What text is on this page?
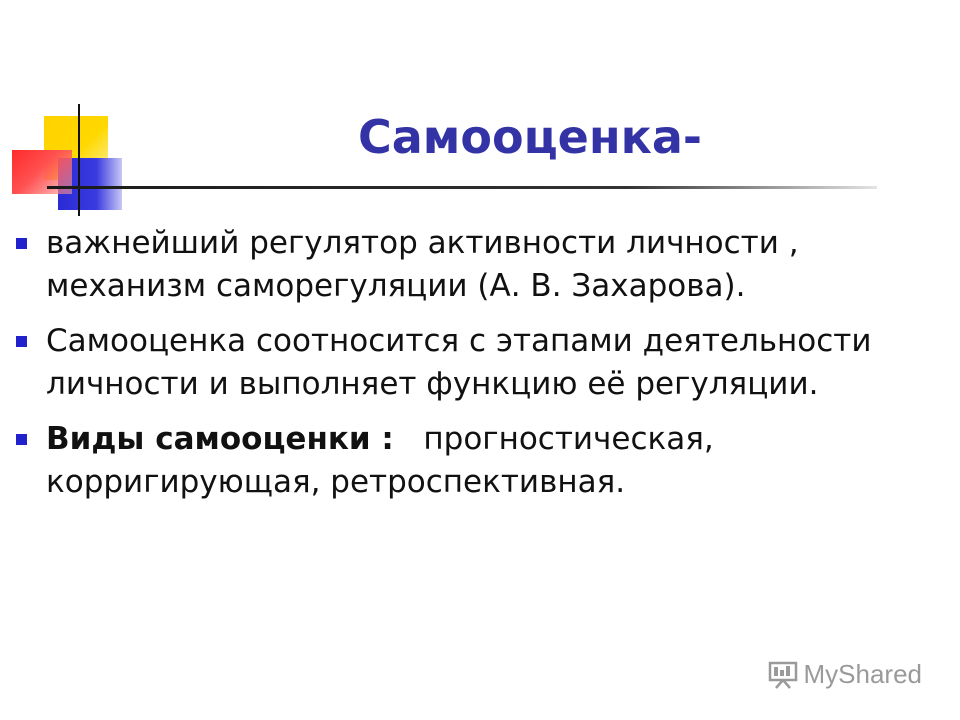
Самооценка-
важнейший регулятор активности личности , механизм саморегуляции (А. В. Захарова).
Самооценка соотносится с этапами деятельности личности и выполняет функцию её регуляции.
Виды самооценки :   прогностическая, корригирующая, ретроспективная.
MyShared
